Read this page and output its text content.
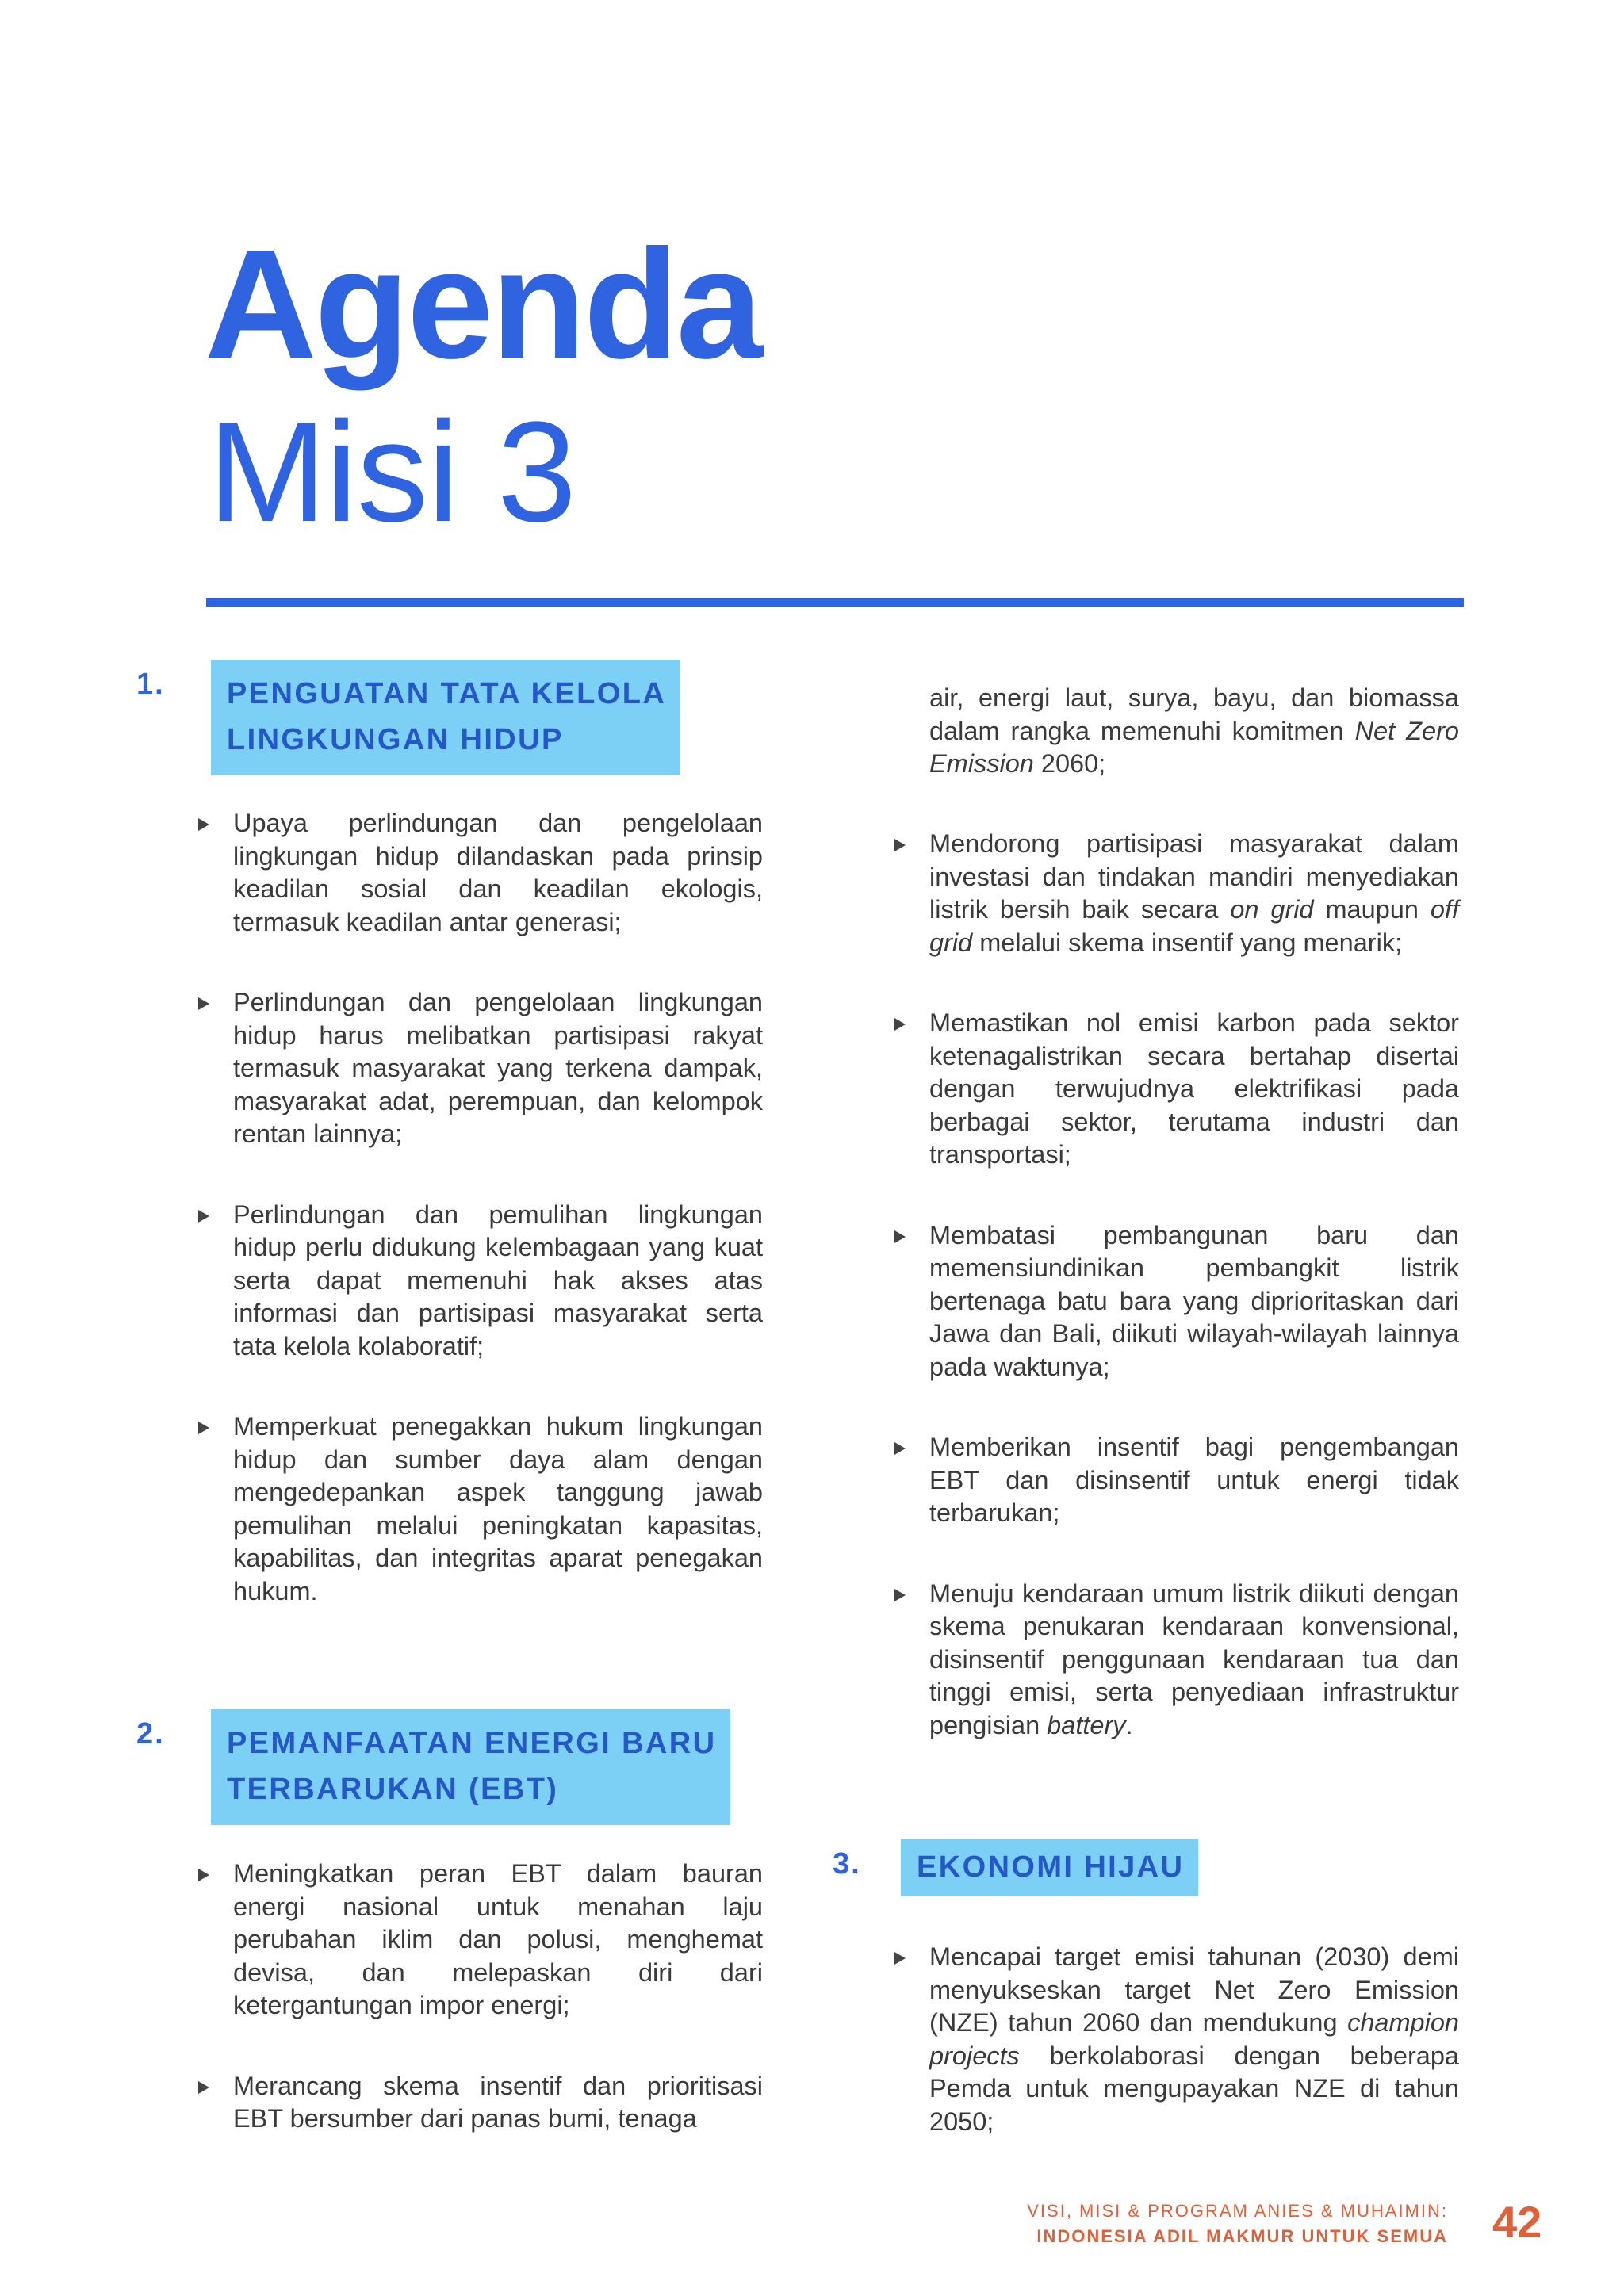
Agenda
Misi 3
1. PENGUATAN TATA KELOLA
LINGKUNGAN HIDUP
Upaya perlindungan dan pengelolaan lingkungan hidup dilandaskan pada prinsip keadilan sosial dan keadilan ekologis, termasuk keadilan antar generasi;
Perlindungan dan pengelolaan lingkungan hidup harus melibatkan partisipasi rakyat termasuk masyarakat yang terkena dampak, masyarakat adat, perempuan, dan kelompok rentan lainnya;
Perlindungan dan pemulihan lingkungan hidup perlu didukung kelembagaan yang kuat serta dapat memenuhi hak akses atas informasi dan partisipasi masyarakat serta tata kelola kolaboratif;
Memperkuat penegakkan hukum lingkungan hidup dan sumber daya alam dengan mengedepankan aspek tanggung jawab pemulihan melalui peningkatan kapasitas, kapabilitas, dan integritas aparat penegakan hukum.
2. PEMANFAATAN ENERGI BARU
TERBARUKAN (EBT)
Meningkatkan peran EBT dalam bauran energi nasional untuk menahan laju perubahan iklim dan polusi, menghemat devisa, dan melepaskan diri dari ketergantungan impor energi;
Merancang skema insentif dan prioritisasi EBT bersumber dari panas bumi, tenaga
air, energi laut, surya, bayu, dan biomassa dalam rangka memenuhi komitmen Net Zero Emission 2060;
Mendorong partisipasi masyarakat dalam investasi dan tindakan mandiri menyediakan listrik bersih baik secara on grid maupun off grid melalui skema insentif yang menarik;
Memastikan nol emisi karbon pada sektor ketenagalistrikan secara bertahap disertai dengan terwujudnya elektrifikasi pada berbagai sektor, terutama industri dan transportasi;
Membatasi pembangunan baru dan memensiundinikan pembangkit listrik bertenaga batu bara yang diprioritaskan dari Jawa dan Bali, diikuti wilayah-wilayah lainnya pada waktunya;
Memberikan insentif bagi pengembangan EBT dan disinsentif untuk energi tidak terbarukan;
Menuju kendaraan umum listrik diikuti dengan skema penukaran kendaraan konvensional, disinsentif penggunaan kendaraan tua dan tinggi emisi, serta penyediaan infrastruktur pengisian battery.
3. EKONOMI HIJAU
Mencapai target emisi tahunan (2030) demi menyukseskan target Net Zero Emission (NZE) tahun 2060 dan mendukung champion projects berkolaborasi dengan beberapa Pemda untuk mengupayakan NZE di tahun 2050;
VISI, MISI & PROGRAM ANIES & MUHAIMIN:
INDONESIA ADIL MAKMUR UNTUK SEMUA 42
